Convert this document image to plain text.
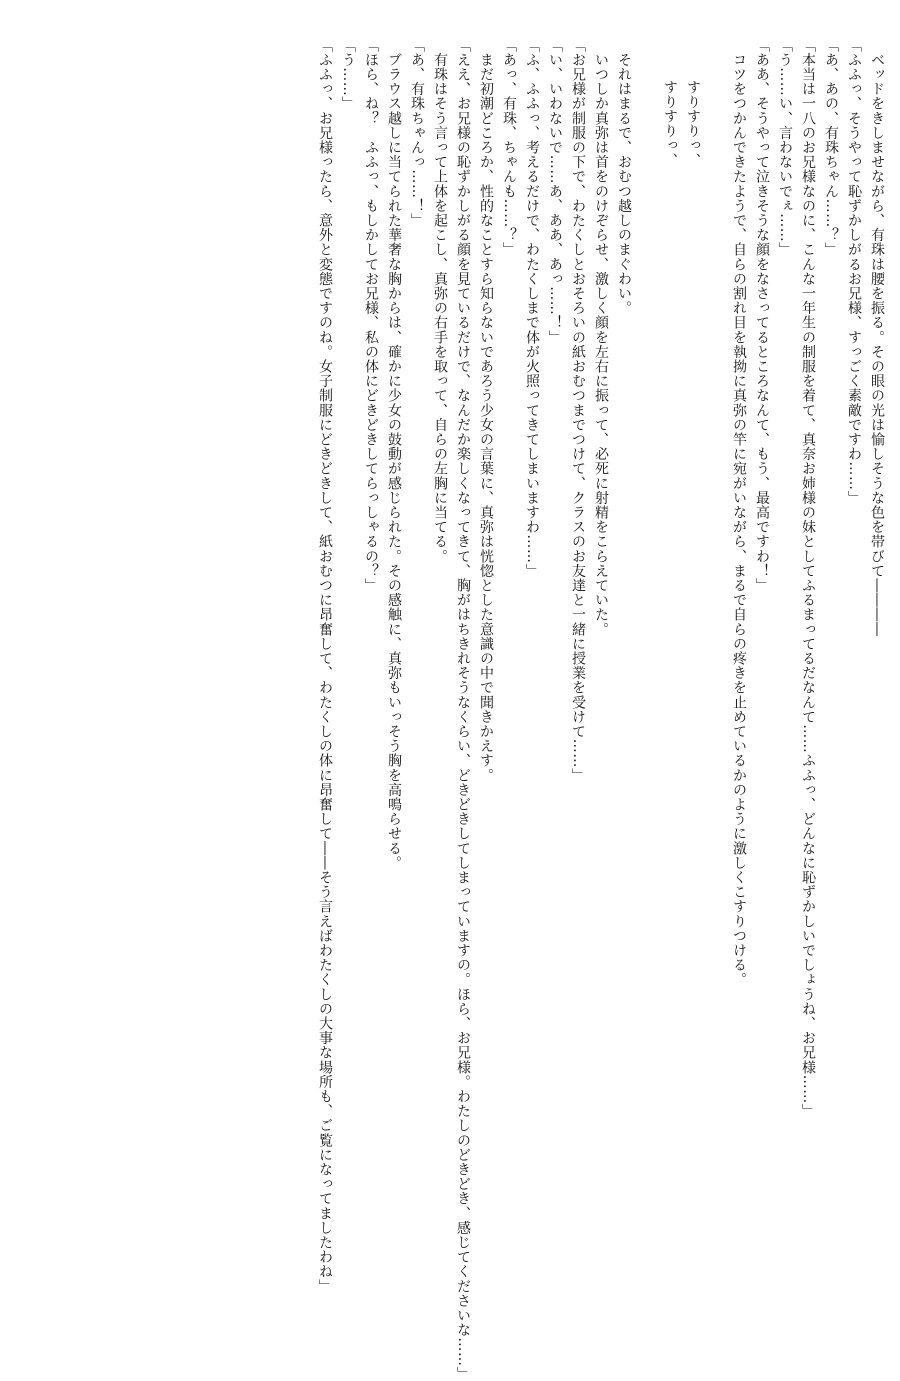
　ベッドをきしませながら、有珠は腰を振る。その眼の光は愉しそうな色を帯びて――――
「ふふっ、そうやって恥ずかしがるお兄様、すっごく素敵ですわ……」
「あ、あの、有珠ちゃん……？」
「本当は一八のお兄様なのに、こんな一年生の制服を着て、真奈お姉様の妹としてふるまってるだなんて……ふふっ、どんなに恥ずかしいでしょうね、お兄様……」
「う……い、言わないでぇ……」
「ああ、そうやって泣きそうな顔をなさってるところなんて、もう、最高ですわ！」
　コツをつかんできたようで、自らの割れ目を執拗に真弥の竿に宛がいながら、まるで自らの疼きを止めているかのように激しくこすりつける。
すりすりっ、
すりすりっ、
　それはまるで、おむつ越しのまぐわい。
　いつしか真弥は首をのけぞらせ、激しく顔を左右に振って、必死に射精をこらえていた。
「お兄様が制服の下で、わたくしとおそろいの紙おむつまでつけて、クラスのお友達と一緒に授業を受けて……」
「い、いわないで……あ、ああ、あっ……！」
「ふ、ふふっ、考えるだけで、わたくしまで体が火照ってきてしまいますわ……」
「あっ、有珠、ちゃんも……？」
　まだ初潮どころか、性的なことすら知らないであろう少女の言葉に、真弥は恍惚とした意識の中で聞きかえす。
「ええ、お兄様の恥ずかしがる顔を見ているだけで、なんだか楽しくなってきて、胸がはちきれそうなくらい、どきどきしてしまっていますの。ほら、お兄様。わたしのどきどき、感じてくださいな……」
　有珠はそう言って上体を起こし、真弥の右手を取って、自らの左胸に当てる。
「あ、有珠ちゃんっ……！」
　ブラウス越しに当てられた華奢な胸からは、確かに少女の鼓動が感じられた。その感触に、真弥もいっそう胸を高鳴らせる。
「ほら、ね？　ふふっ、もしかしてお兄様、私の体にどきどきしてらっしゃるの？」
「う……」
「ふふっ、お兄様ったら、意外と変態ですのね。女子制服にどきどきして、紙おむつに昂奮して、わたくしの体に昂奮して――そう言えばわたくしの大事な場所も、ご覧になってましたわね」
